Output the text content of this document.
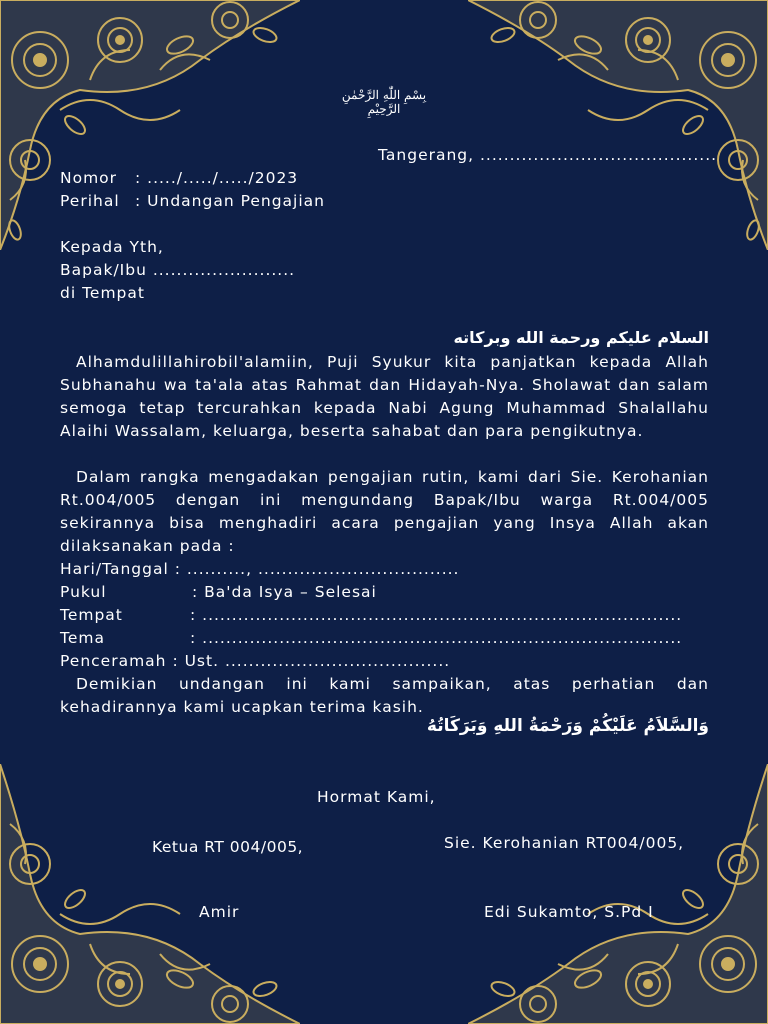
بِسْمِ اللّٰهِ الرَّحْمٰنِ الرَّحِيْمِ
Tangerang, ........................................
Nomor : ...../...../...../2023
Perihal : Undangan Pengajian
Kepada Yth,
Bapak/Ibu ........................
di Tempat
السلام عليكم ورحمة الله وبركاته
Alhamdulillahirobil'alamiin, Puji Syukur kita panjatkan kepada Allah Subhanahu wa ta'ala atas Rahmat dan Hidayah-Nya. Sholawat dan salam semoga tetap tercurahkan kepada Nabi Agung Muhammad Shalallahu Alaihi Wassalam, keluarga, beserta sahabat dan para pengikutnya.
Dalam rangka mengadakan pengajian rutin, kami dari Sie. Kerohanian Rt.004/005 dengan ini mengundang Bapak/Ibu warga Rt.004/005 sekirannya bisa menghadiri acara pengajian yang Insya Allah akan dilaksanakan pada :
Hari/Tanggal : .........., ..................................
Pukul	: Ba'da Isya – Selesai
Tempat	: .................................................................................
Tema	: .................................................................................
Penceramah : Ust. ......................................
Demikian undangan ini kami sampaikan, atas perhatian dan kehadirannya kami ucapkan terima kasih.
وَالسَّلاَمُ عَلَيْكُمْ وَرَحْمَةُ اللهِ وَبَرَكَاتُهُ
Hormat Kami,
Ketua RT 004/005,	Sie. Kerohanian RT004/005,
Amir	Edi Sukamto, S.Pd I
